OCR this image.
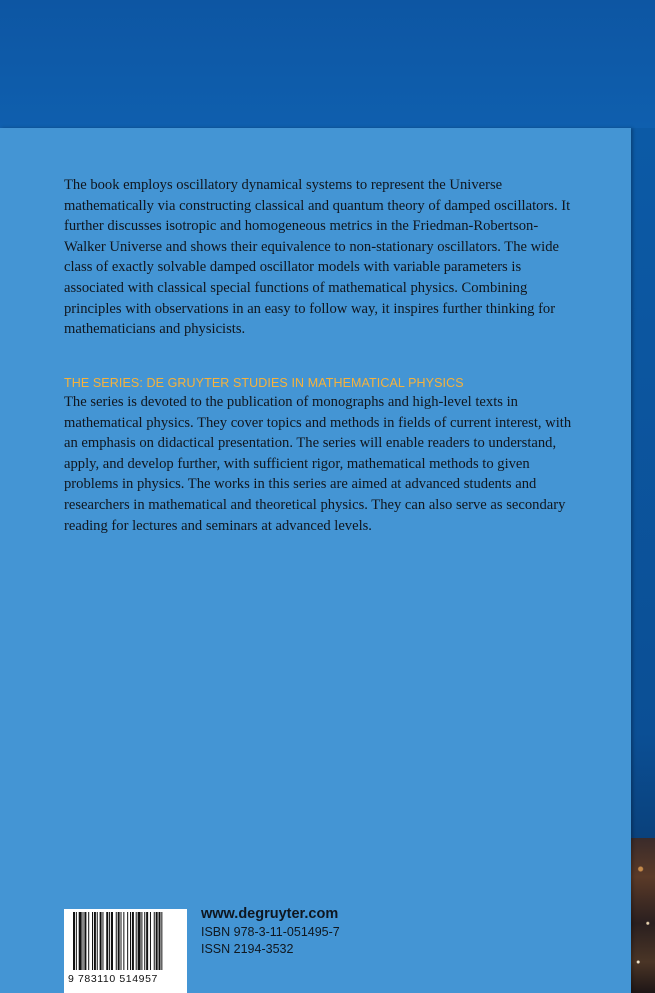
The book employs oscillatory dynamical systems to represent the Universe mathematically via constructing classical and quantum theory of damped oscillators. It further discusses isotropic and homogeneous metrics in the Friedman-Robertson-Walker Universe and shows their equivalence to non-stationary oscillators. The wide class of exactly solvable damped oscillator models with variable parameters is associated with classical special functions of mathematical physics. Combining principles with observations in an easy to follow way, it inspires further thinking for mathematicians and physicists.

THE SERIES: DE GRUYTER STUDIES IN MATHEMATICAL PHYSICS

The series is devoted to the publication of monographs and high-level texts in mathematical physics. They cover topics and methods in fields of current interest, with an emphasis on didactical presentation. The series will enable readers to understand, apply, and develop further, with sufficient rigor, mathematical methods to given problems in physics. The works in this series are aimed at advanced students and researchers in mathematical and theoretical physics. They can also serve as secondary reading for lectures and seminars at advanced levels.

9 783110 514957

www.degruyter.com

ISBN 978-3-11-051495-7

ISSN 2194-3532
